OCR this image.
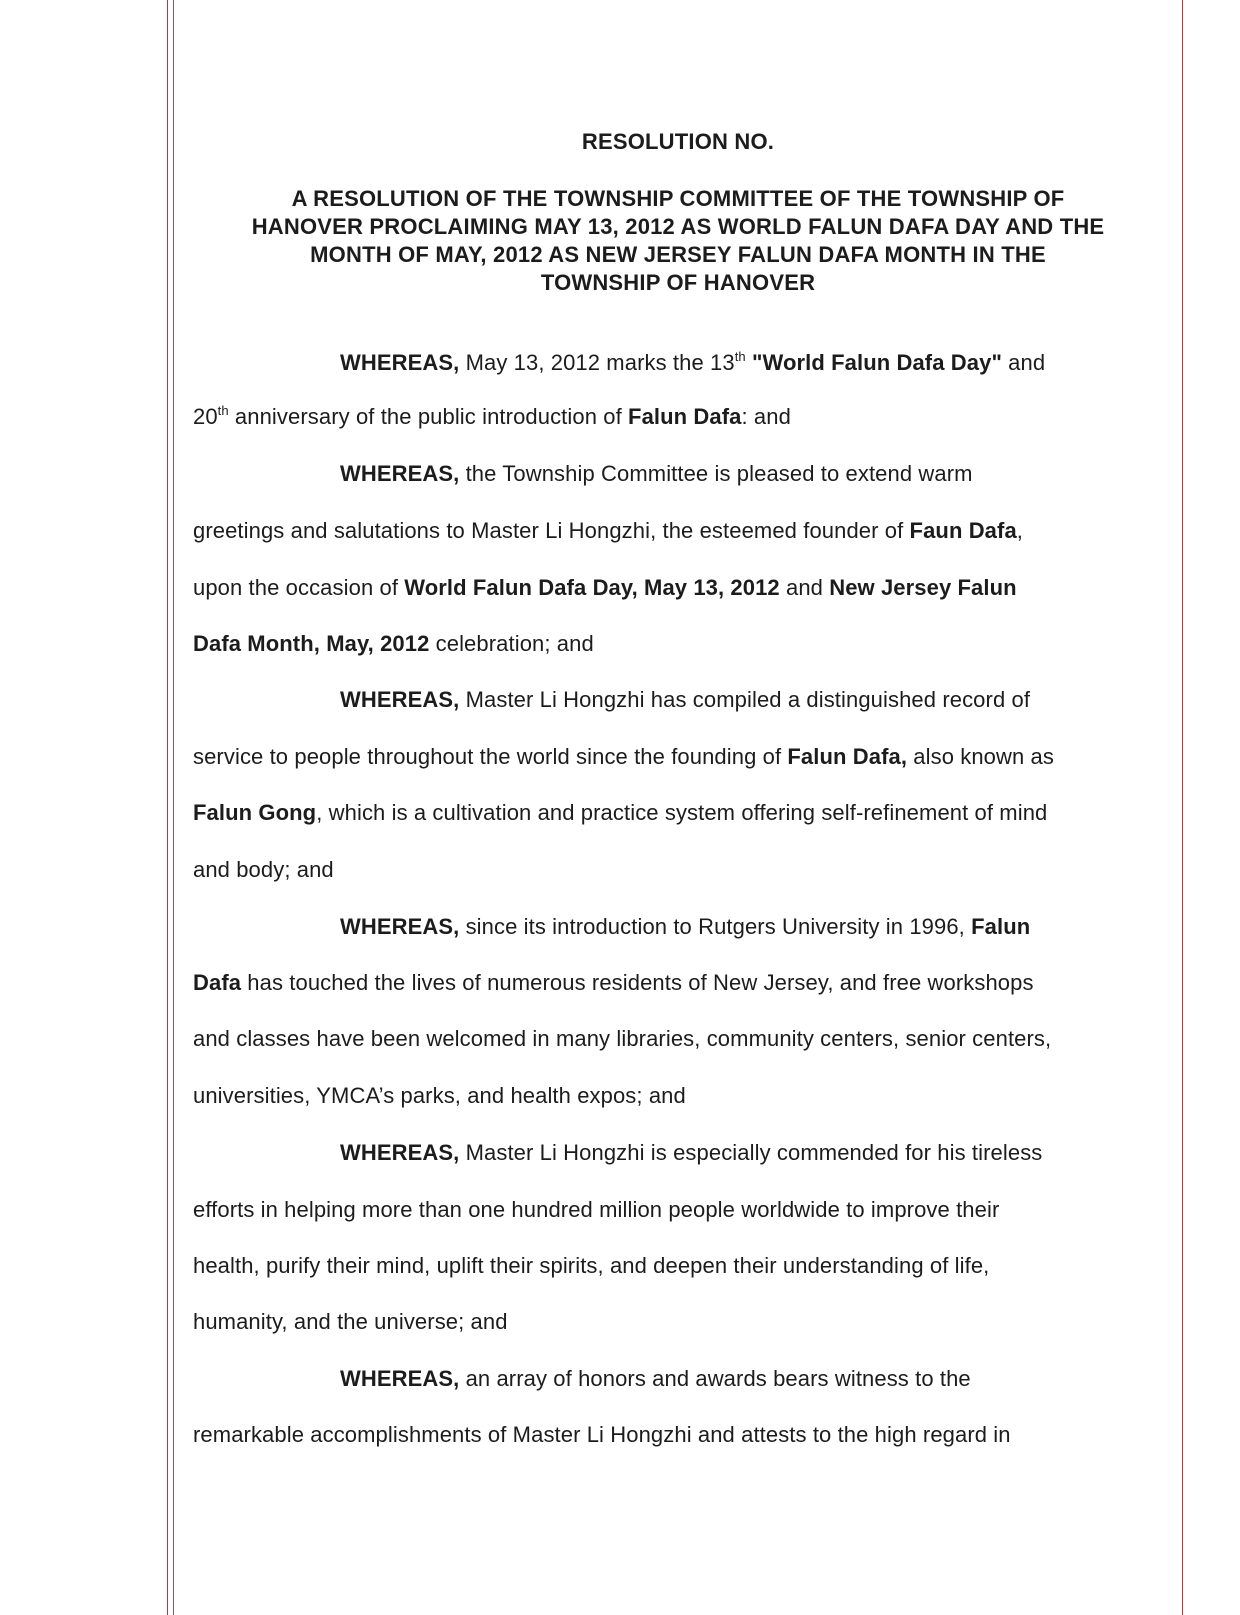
RESOLUTION NO.
A RESOLUTION OF THE TOWNSHIP COMMITTEE OF THE TOWNSHIP OF
HANOVER PROCLAIMING MAY 13, 2012 AS WORLD FALUN DAFA DAY AND THE
MONTH OF MAY, 2012 AS NEW JERSEY FALUN DAFA MONTH IN THE
TOWNSHIP OF HANOVER
WHEREAS, May 13, 2012 marks the 13th "World Falun Dafa Day" and
20th anniversary of the public introduction of Falun Dafa: and
WHEREAS, the Township Committee is pleased to extend warm
greetings and salutations to Master Li Hongzhi, the esteemed founder of Faun Dafa,
upon the occasion of World Falun Dafa Day, May 13, 2012 and New Jersey Falun
Dafa Month, May, 2012 celebration; and
WHEREAS, Master Li Hongzhi has compiled a distinguished record of
service to people throughout the world since the founding of Falun Dafa, also known as
Falun Gong, which is a cultivation and practice system offering self-refinement of mind
and body; and
WHEREAS, since its introduction to Rutgers University in 1996, Falun
Dafa has touched the lives of numerous residents of New Jersey, and free workshops
and classes have been welcomed in many libraries, community centers, senior centers,
universities, YMCA’s parks, and health expos; and
WHEREAS, Master Li Hongzhi is especially commended for his tireless
efforts in helping more than one hundred million people worldwide to improve their
health, purify their mind, uplift their spirits, and deepen their understanding of life,
humanity, and the universe; and
WHEREAS, an array of honors and awards bears witness to the
remarkable accomplishments of Master Li Hongzhi and attests to the high regard in
